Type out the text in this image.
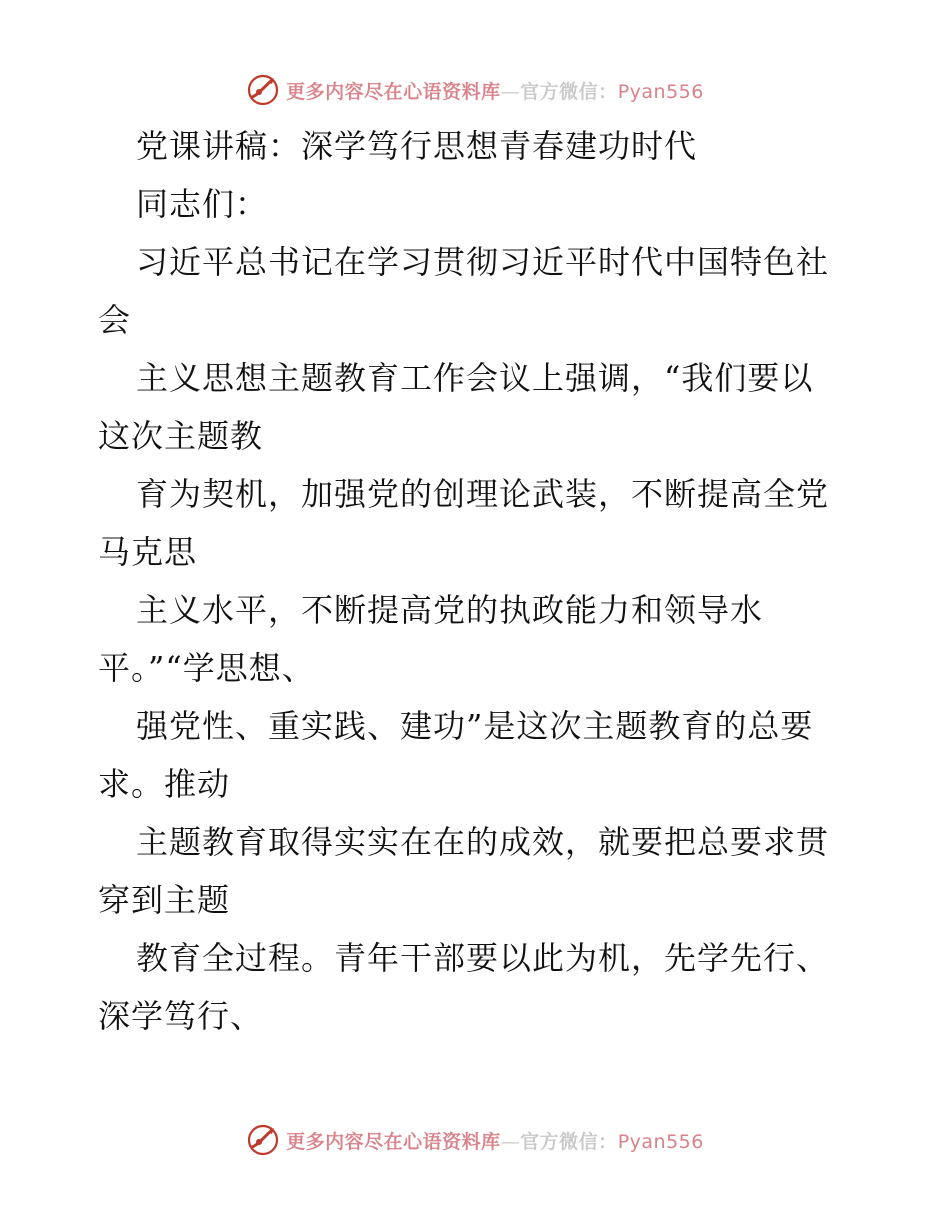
更多内容尽在心语资料库—官方微信：Pyan556
党课讲稿：深学笃行思想青春建功时代
同志们：
习近平总书记在学习贯彻习近平时代中国特色社
会
主义思想主题教育工作会议上强调，“我们要以
这次主题教
育为契机，加强党的创理论武装，不断提高全党
马克思
主义水平，不断提高党的执政能力和领导水
平。”“学思想、
强党性、重实践、建功”是这次主题教育的总要
求。推动
主题教育取得实实在在的成效，就要把总要求贯
穿到主题
教育全过程。青年干部要以此为机，先学先行、
深学笃行、
更多内容尽在心语资料库—官方微信：Pyan556
